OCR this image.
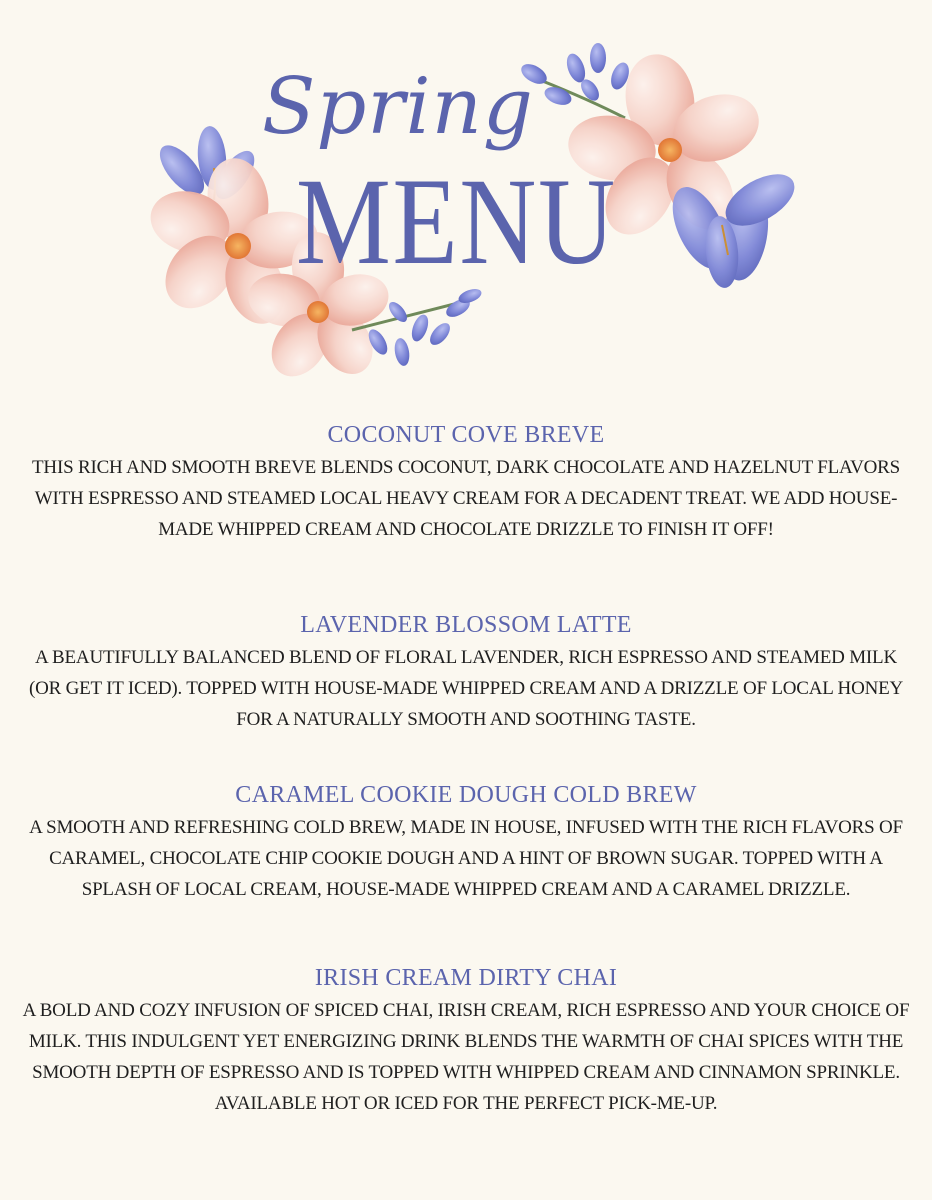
Spring
MENU
COCONUT COVE BREVE
THIS RICH AND SMOOTH BREVE BLENDS COCONUT, DARK CHOCOLATE AND HAZELNUT FLAVORS WITH ESPRESSO AND STEAMED LOCAL HEAVY CREAM FOR A DECADENT TREAT. WE ADD HOUSE-MADE WHIPPED CREAM AND CHOCOLATE DRIZZLE TO FINISH IT OFF!
LAVENDER BLOSSOM LATTE
A BEAUTIFULLY BALANCED BLEND OF FLORAL LAVENDER, RICH ESPRESSO AND STEAMED MILK (OR GET IT ICED). TOPPED WITH HOUSE-MADE WHIPPED CREAM AND A DRIZZLE OF LOCAL HONEY FOR A NATURALLY SMOOTH AND SOOTHING TASTE.
CARAMEL COOKIE DOUGH COLD BREW
A SMOOTH AND REFRESHING COLD BREW, MADE IN HOUSE, INFUSED WITH THE RICH FLAVORS OF CARAMEL, CHOCOLATE CHIP COOKIE DOUGH AND A HINT OF BROWN SUGAR. TOPPED WITH A SPLASH OF LOCAL CREAM, HOUSE-MADE WHIPPED CREAM AND A CARAMEL DRIZZLE.
IRISH CREAM DIRTY CHAI
A BOLD AND COZY INFUSION OF SPICED CHAI, IRISH CREAM, RICH ESPRESSO AND YOUR CHOICE OF MILK. THIS INDULGENT YET ENERGIZING DRINK BLENDS THE WARMTH OF CHAI SPICES WITH THE SMOOTH DEPTH OF ESPRESSO AND IS TOPPED WITH WHIPPED CREAM AND CINNAMON SPRINKLE. AVAILABLE HOT OR ICED FOR THE PERFECT PICK-ME-UP.
